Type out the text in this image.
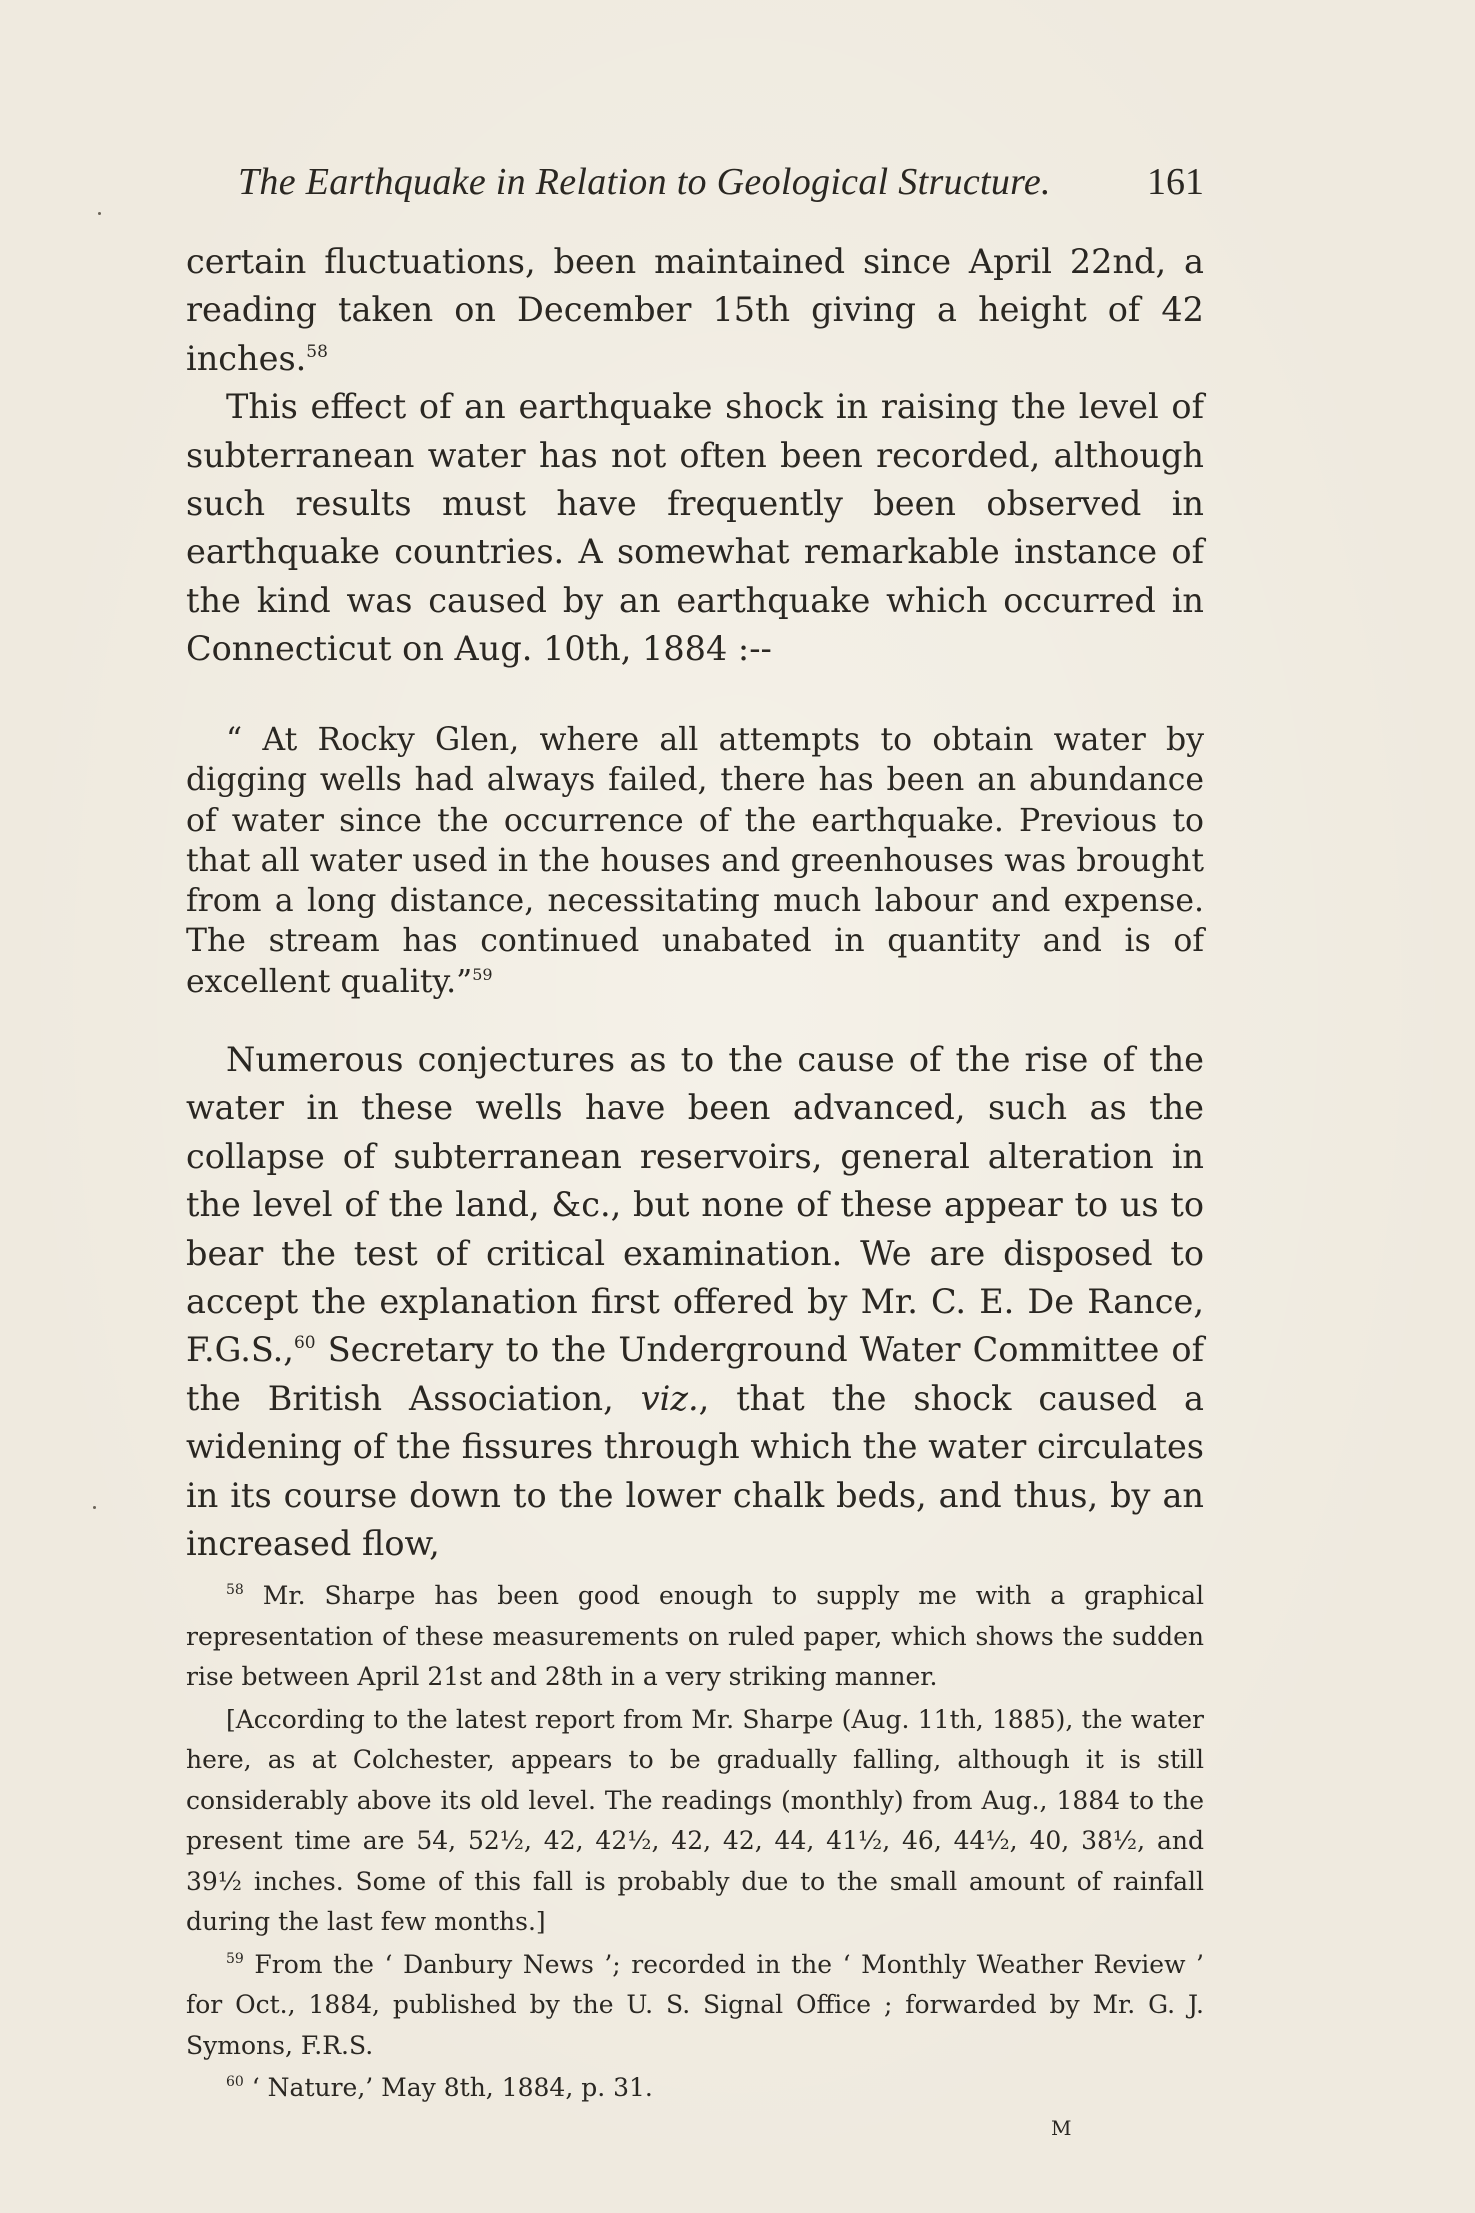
The Earthquake in Relation to Geological Structure.	161

certain fluctuations, been maintained since April 22nd, a reading taken on December 15th giving a height of 42 inches.$^{58}$

This effect of an earthquake shock in raising the level of subterranean water has not often been recorded, although such results must have frequently been observed in earthquake countries. A somewhat remarkable instance of the kind was caused by an earthquake which occurred in Connecticut on Aug. 10th, 1884 :--

“ At Rocky Glen, where all attempts to obtain water by digging wells had always failed, there has been an abundance of water since the occurrence of the earthquake. Previous to that all water used in the houses and greenhouses was brought from a long distance, necessitating much labour and expense. The stream has continued unabated in quantity and is of excellent quality.”$^{59}$

Numerous conjectures as to the cause of the rise of the water in these wells have been advanced, such as the collapse of subterranean reservoirs, general alteration in the level of the land, &c., but none of these appear to us to bear the test of critical examination. We are disposed to accept the explanation first offered by Mr. C. E. De Rance, F.G.S.,$^{60}$ Secretary to the Underground Water Committee of the British Association, viz., that the shock caused a widening of the fissures through which the water circulates in its course down to the lower chalk beds, and thus, by an increased flow,

$^{58}$ Mr. Sharpe has been good enough to supply me with a graphical representation of these measurements on ruled paper, which shows the sudden rise between April 21st and 28th in a very striking manner.

[According to the latest report from Mr. Sharpe (Aug. 11th, 1885), the water here, as at Colchester, appears to be gradually falling, although it is still considerably above its old level. The readings (monthly) from Aug., 1884 to the present time are 54, 52½, 42, 42½, 42, 42, 44, 41½, 46, 44½, 40, 38½, and 39½ inches. Some of this fall is probably due to the small amount of rainfall during the last few months.]

$^{59}$ From the ‘ Danbury News ’; recorded in the ‘ Monthly Weather Review ’ for Oct., 1884, published by the U. S. Signal Office ; forwarded by Mr. G. J. Symons, F.R.S.

$^{60}$ ‘ Nature,’ May 8th, 1884, p. 31.

M
